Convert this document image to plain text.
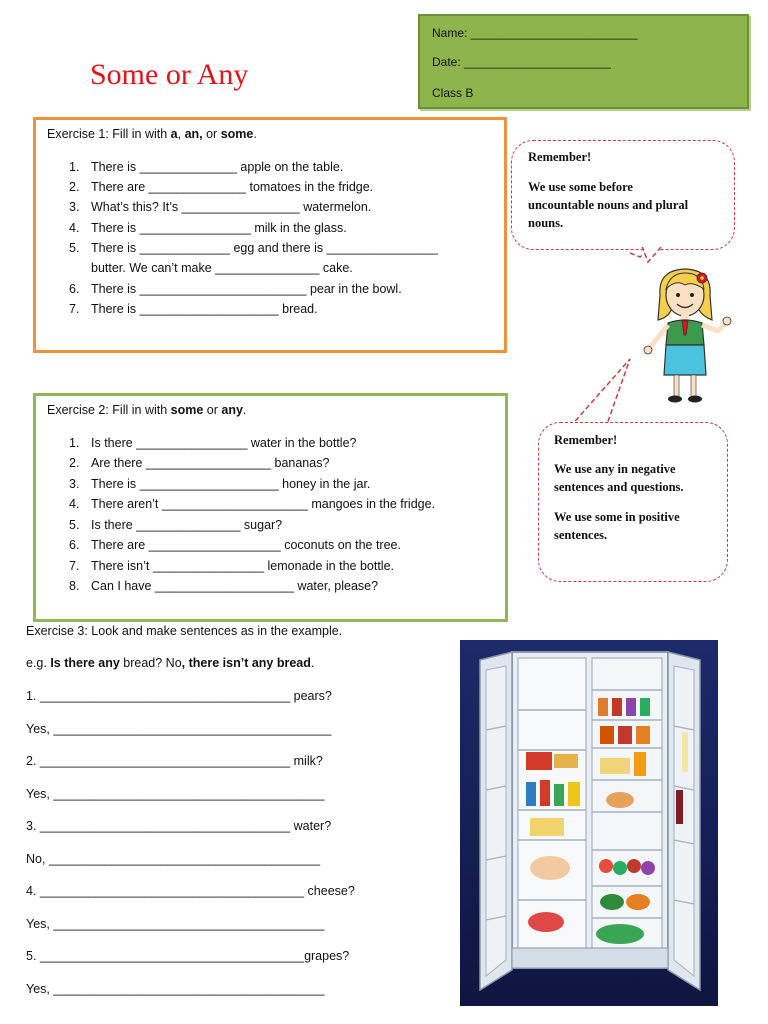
Some or Any
Name: _________________________
Date: ______________________
Class B
Exercise 1: Fill in with a, an, or some.
1. There is ______________ apple on the table.
2. There are ______________ tomatoes in the fridge.
3. What’s this? It’s _________________ watermelon.
4. There is ________________ milk in the glass.
5. There is _____________ egg and there is ________________
butter. We can’t make _______________ cake.
6. There is ________________________ pear in the bowl.
7. There is ____________________ bread.
Exercise 2: Fill in with some or any.
1. Is there ________________ water in the bottle?
2. Are there __________________ bananas?
3. There is ____________________ honey in the jar.
4. There aren’t _____________________ mangoes in the fridge.
5. Is there _______________ sugar?
6. There are ___________________ coconuts on the tree.
7. There isn’t ________________ lemonade in the bottle.
8. Can I have ____________________ water, please?
Remember!
We use some before
uncountable nouns and plural
nouns.
Remember!
We use any in negative
sentences and questions.
We use some in positive
sentences.
Exercise 3: Look and make sentences as in the example.
e.g. Is there any bread? No, there isn’t any bread.
1. ____________________________________ pears?
Yes, ________________________________________
2. ____________________________________ milk?
Yes, _______________________________________
3. ____________________________________ water?
No, _______________________________________
4. ______________________________________ cheese?
Yes, _______________________________________
5. ______________________________________grapes?
Yes, _______________________________________
